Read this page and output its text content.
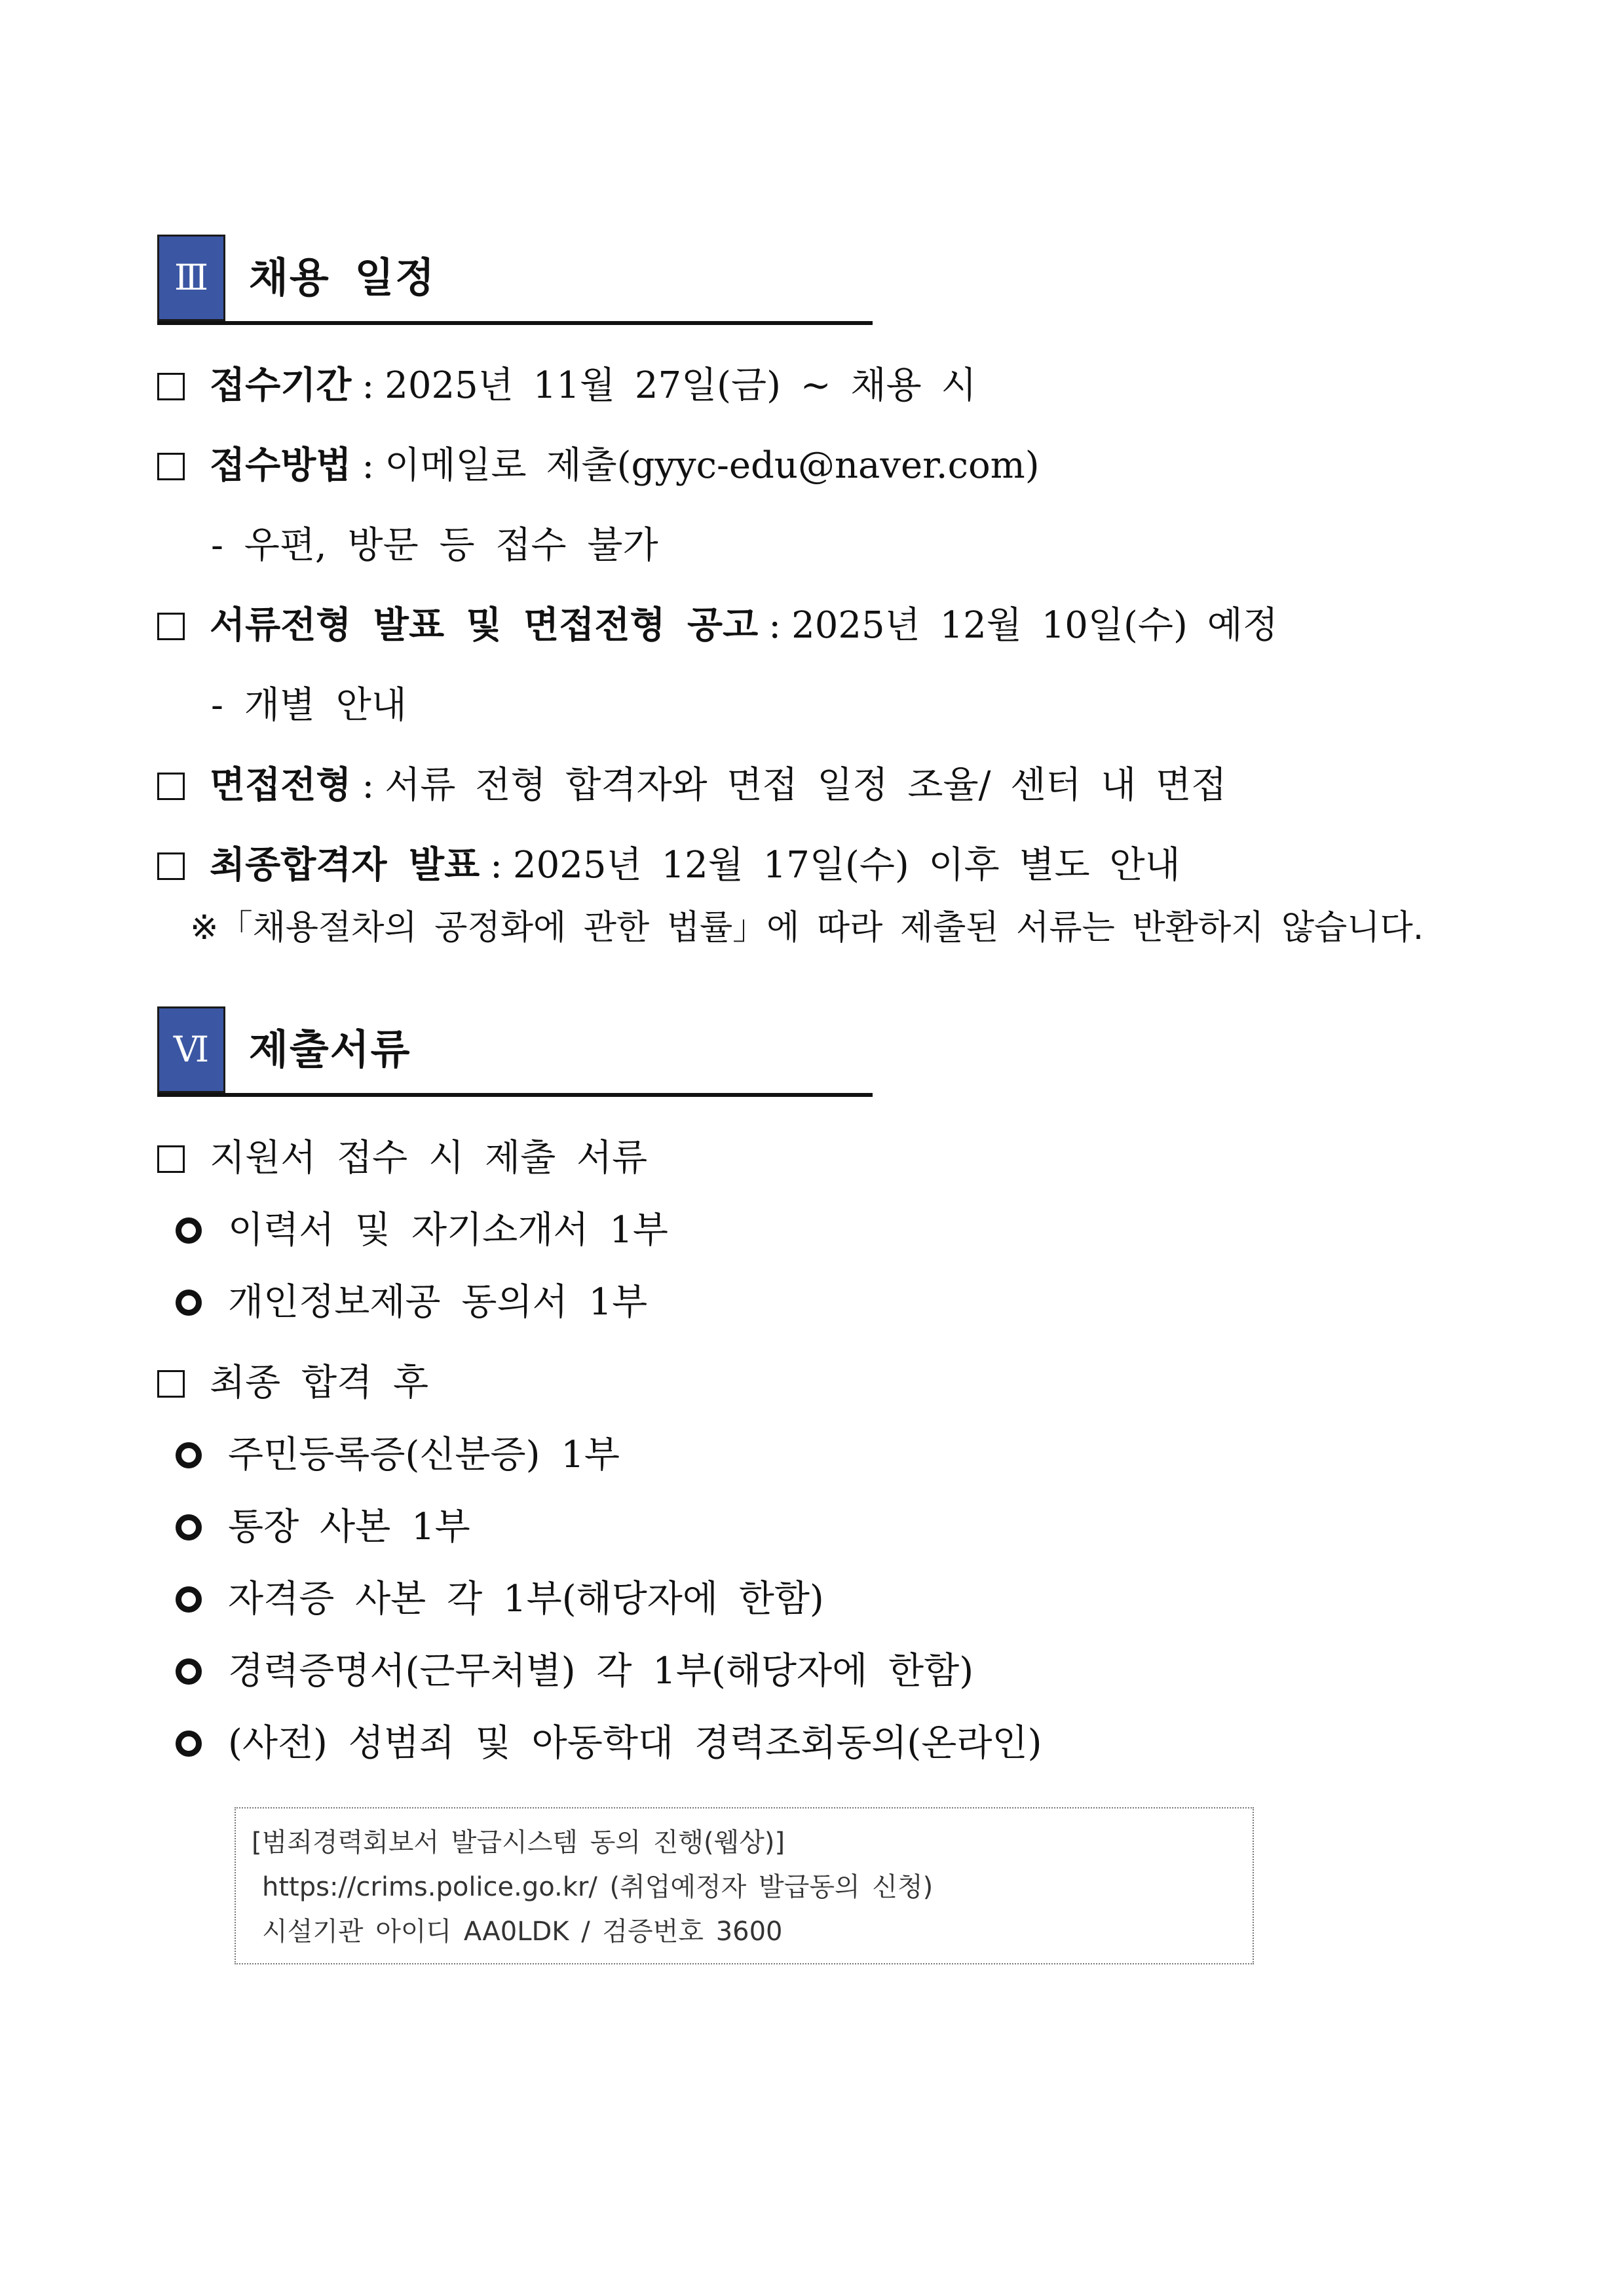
Ⅲ 채용 일정
접수기간 : 2025년 11월 27일(금) ~ 채용 시
접수방법 : 이메일로 제출(gyyc-edu@naver.com)
- 우편, 방문 등 접수 불가
서류전형 발표 및 면접전형 공고 : 2025년 12월 10일(수) 예정
- 개별 안내
면접전형 : 서류 전형 합격자와 면접 일정 조율/ 센터 내 면접
최종합격자 발표 : 2025년 12월 17일(수) 이후 별도 안내
※「채용절차의 공정화에 관한 법률」에 따라 제출된 서류는 반환하지 않습니다.
Ⅵ 제출서류
지원서 접수 시 제출 서류
이력서 및 자기소개서 1부
개인정보제공 동의서 1부
최종 합격 후
주민등록증(신분증) 1부
통장 사본 1부
자격증 사본 각 1부(해당자에 한함)
경력증명서(근무처별) 각 1부(해당자에 한함)
(사전) 성범죄 및 아동학대 경력조회동의(온라인)
[범죄경력회보서 발급시스템 동의 진행(웹상)]
https://crims.police.go.kr/ (취업예정자 발급동의 신청)
시설기관 아이디 AA0LDK / 검증번호 3600
